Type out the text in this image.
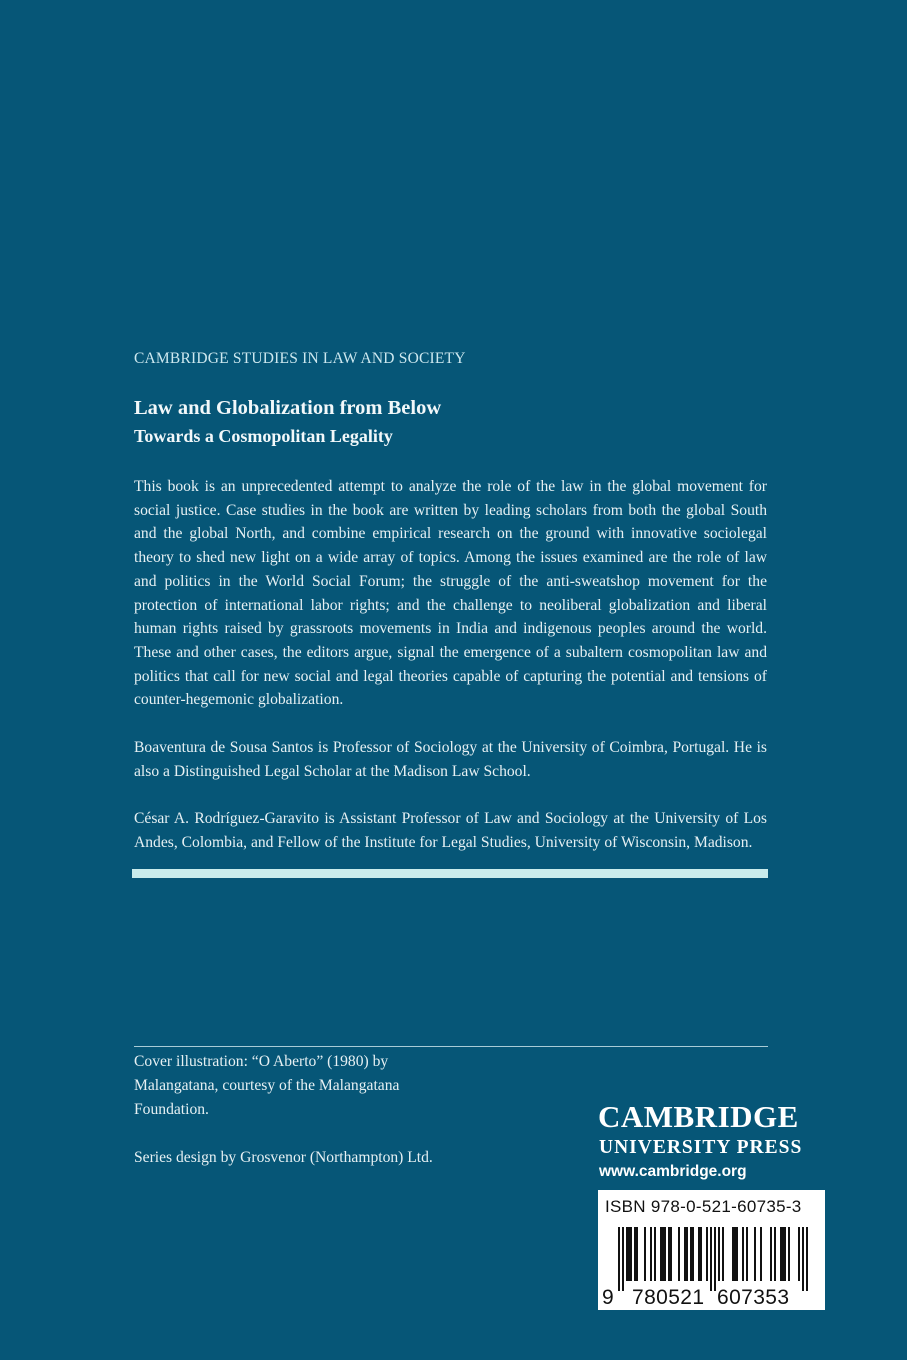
CAMBRIDGE STUDIES IN LAW AND SOCIETY
Law and Globalization from Below
Towards a Cosmopolitan Legality

This book is an unprecedented attempt to analyze the role of the law in the global movement for social justice. Case studies in the book are written by leading scholars from both the global South and the global North, and combine empirical research on the ground with innovative sociolegal theory to shed new light on a wide array of topics. Among the issues examined are the role of law and politics in the World Social Forum; the struggle of the anti-sweatshop movement for the protection of international labor rights; and the challenge to neoliberal globalization and liberal human rights raised by grassroots movements in India and indigenous peoples around the world. These and other cases, the editors argue, signal the emergence of a subaltern cosmopolitan law and politics that call for new social and legal theories capable of capturing the potential and tensions of counter-hegemonic globalization.

Boaventura de Sousa Santos is Professor of Sociology at the University of Coimbra, Portugal. He is also a Distinguished Legal Scholar at the Madison Law School.

César A. Rodríguez-Garavito is Assistant Professor of Law and Sociology at the University of Los Andes, Colombia, and Fellow of the Institute for Legal Studies, University of Wisconsin, Madison.

Cover illustration: “O Aberto” (1980) by Malangatana, courtesy of the Malangatana Foundation.

Series design by Grosvenor (Northampton) Ltd.
CAMBRIDGE
UNIVERSITY PRESS
www.cambridge.org
ISBN 978-0-521-60735-3
9 780521 607353
